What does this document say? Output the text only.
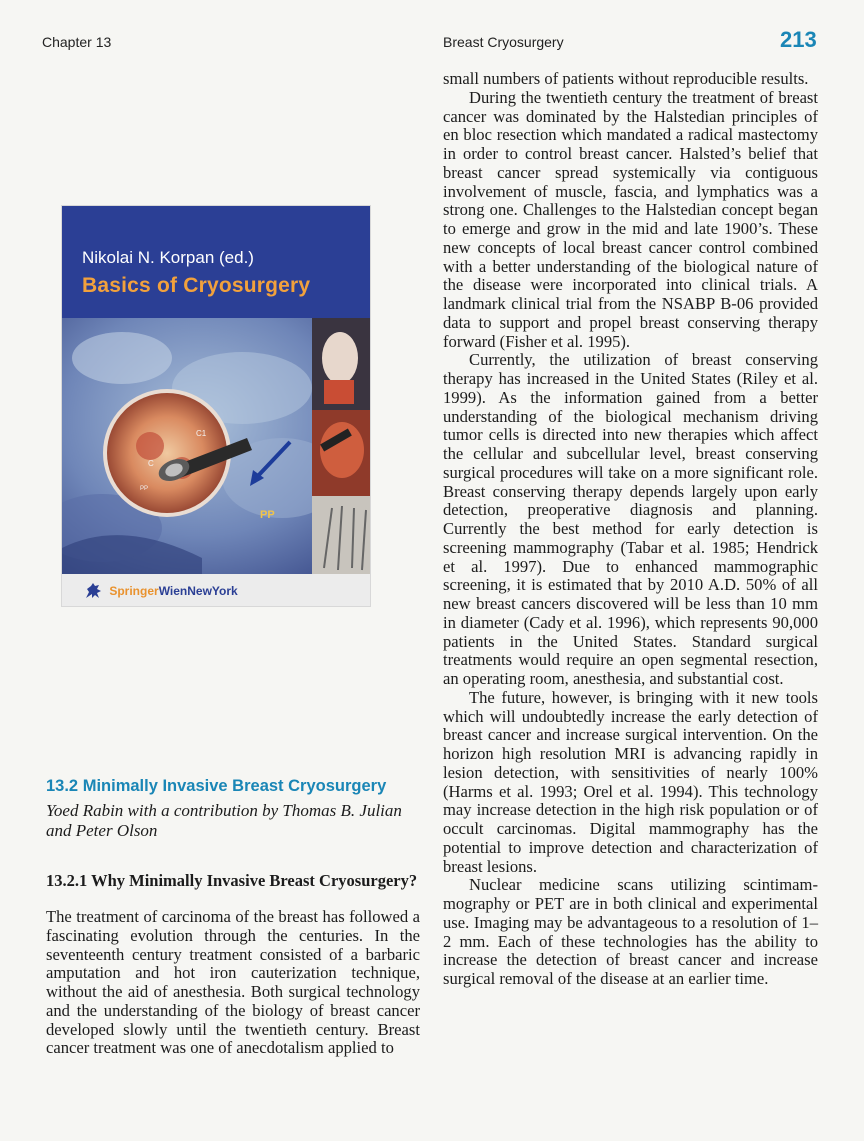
Chapter 13	Breast Cryosurgery	213
Nikolai N. Korpan (ed.)
Basics of Cryosurgery
C1
C
PP
PP
SpringerWienNewYork
13.2 Minimally Invasive Breast Cryosurgery
Yoed Rabin with a contribution by Thomas B. Julian and Peter Olson
13.2.1 Why Minimally Invasive Breast Cryosurgery?

The treatment of carcinoma of the breast has followed a fascinating evolution through the centuries. In the seventeenth century treatment consisted of a barbaric amputation and hot iron cauterization technique, without the aid of anesthesia. Both surgical technology and the understanding of the biology of breast cancer developed slowly until the twentieth century. Breast cancer treatment was one of anecdotalism applied to

small numbers of patients without reproducible results.

During the twentieth century the treatment of breast cancer was dominated by the Halstedian principles of en bloc resection which mandated a radical mastectomy in order to control breast cancer. Halsted’s belief that breast cancer spread systemically via contiguous involvement of muscle, fascia, and lymphatics was a strong one. Challenges to the Halstedian concept began to emerge and grow in the mid and late 1900’s. These new concepts of local breast cancer control combined with a better understanding of the biological nature of the disease were incorporated into clinical trials. A landmark clinical trial from the NSABP B-06 provided data to support and propel breast conserving therapy forward (Fisher et al. 1995).

Currently, the utilization of breast conserving therapy has increased in the United States (Riley et al. 1999). As the information gained from a better understanding of the biological mechanism driving tumor cells is directed into new therapies which affect the cellular and subcellular level, breast conserving surgical procedures will take on a more significant role. Breast conserving therapy depends largely upon early detection, preoperative diagnosis and planning. Currently the best method for early detection is screening mammography (Tabar et al. 1985; Hendrick et al. 1997). Due to enhanced mammographic screening, it is estimated that by 2010 A.D. 50% of all new breast cancers discovered will be less than 10 mm in diameter (Cady et al. 1996), which represents 90,000 patients in the United States. Standard surgical treatments would require an open segmental resection, an operating room, anesthesia, and substantial cost.

The future, however, is bringing with it new tools which will undoubtedly increase the early detection of breast cancer and increase surgical intervention. On the horizon high resolution MRI is advancing rapidly in lesion detection, with sensitivities of nearly 100% (Harms et al. 1993; Orel et al. 1994). This technology may increase detection in the high risk population or of occult carcinomas. Digital mammography has the potential to improve detection and characterization of breast lesions.

Nuclear medicine scans utilizing scintimammography or PET are in both clinical and experimental use. Imaging may be advantageous to a resolution of 1–2 mm. Each of these technologies has the ability to increase the detection of breast cancer and increase surgical removal of the disease at an earlier time.
